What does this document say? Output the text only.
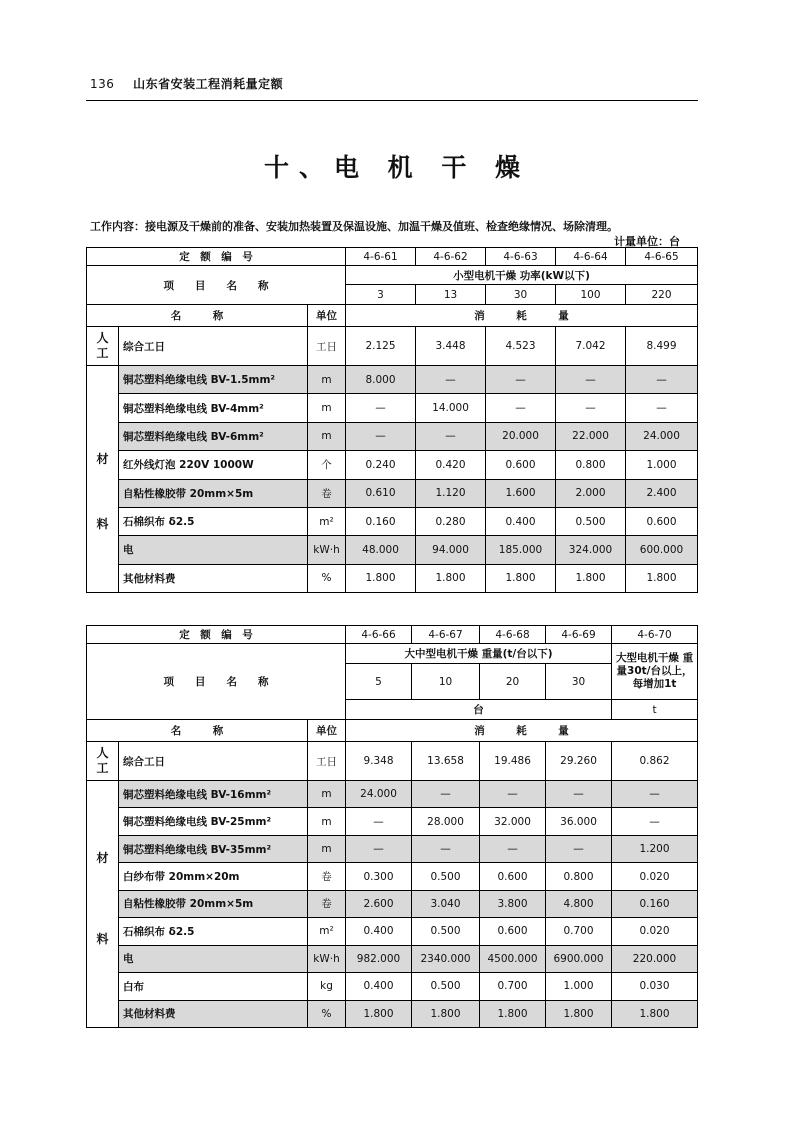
136 山东省安装工程消耗量定额
十、电 机 干 燥
工作内容：接电源及干燥前的准备、安装加热装置及保温设施、加温干燥及值班、检查绝缘情况、场除清理。
计量单位：台
定　额　编　号			4-6-61	4-6-62	4-6-63	4-6-64	4-6-65
项　　目　　名　　称			小型电机干燥 功率(kW以下)				
			3	13	30	100	220
名　　　称		单位	消　　　耗　　　量				

人
工	综合工日	工日	2.125	3.448	4.523	7.042	8.499

材
料	铜芯塑料绝缘电线 BV-1.5mm²	m	8.000	—	—	—	—
	铜芯塑料绝缘电线 BV-4mm²	m	—	14.000	—	—	—
	铜芯塑料绝缘电线 BV-6mm²	m	—	—	20.000	22.000	24.000
	红外线灯泡 220V 1000W	个	0.240	0.420	0.600	0.800	1.000
	自粘性橡胶带 20mm×5m	卷	0.610	1.120	1.600	2.000	2.400
	石棉织布 δ2.5	m²	0.160	0.280	0.400	0.500	0.600
	电	kW·h	48.000	94.000	185.000	324.000	600.000
	其他材料费	%	1.800	1.800	1.800	1.800	1.800
定　额　编　号			4-6-66	4-6-67	4-6-68	4-6-69	4-6-70
项　　目　　名　　称			大中型电机干燥 重量(t/台以下)				大型电机干燥 重量30t/台以上，每增加1t
			5	10	20	30	
			台				t
名　　　称		单位	消　　　耗　　　量				

人
工	综合工日	工日	9.348	13.658	19.486	29.260	0.862

材
料	铜芯塑料绝缘电线 BV-16mm²	m	24.000	—	—	—	—
	铜芯塑料绝缘电线 BV-25mm²	m	—	28.000	32.000	36.000	—
	铜芯塑料绝缘电线 BV-35mm²	m	—	—	—	—	1.200
	白纱布带 20mm×20m	卷	0.300	0.500	0.600	0.800	0.020
	自粘性橡胶带 20mm×5m	卷	2.600	3.040	3.800	4.800	0.160
	石棉织布 δ2.5	m²	0.400	0.500	0.600	0.700	0.020
	电	kW·h	982.000	2340.000	4500.000	6900.000	220.000
	白布	kg	0.400	0.500	0.700	1.000	0.030
	其他材料费	%	1.800	1.800	1.800	1.800	1.800
